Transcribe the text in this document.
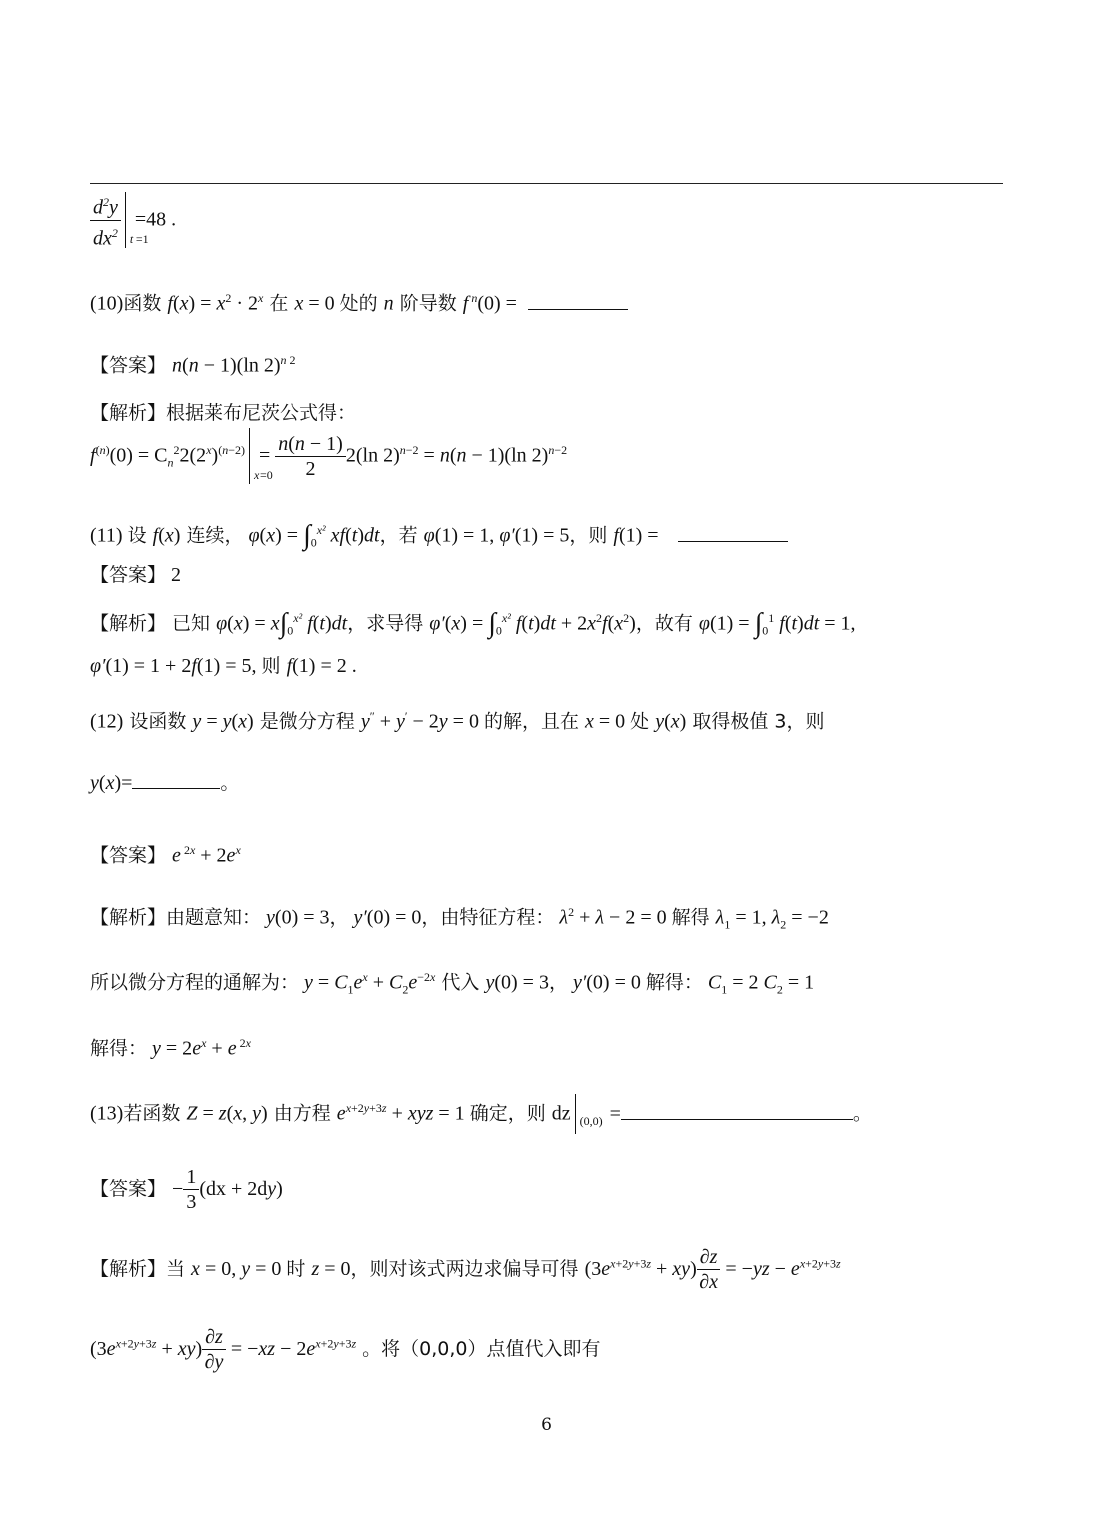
$\frac{d^2y}{dx^2}$ t =1
=48 .
(10)函数 $f(x) = x^2 \cdot 2^x$ 在 x = 0 处的 n 阶导数 f $^n$(0) =
【答案】 n(n − 1)(ln 2)$^n$ $^2$
【解析】根据莱布尼茨公式得：
$f^{(n)}(0) = C_n^22(2^x)^{(n-2)}$
x =0
= $\frac{n(n - 1)}{2} 2(\ln$ 2)$^{n-2}$ = n(n − 1)(ln 2)$^{n-2}$
(11) 设 f(x) 连续， $\varphi(x) = \int_0^{x^2}$ xf(t)dt，若 φ(1) = 1, φ′(1) = 5，则 f(1) =
【答案】 2
【解析】 已知 $\varphi(x) = x\int_0^{x^2}$ f(t)dt，求导得 $\varphi'(x) = \int_0^{x^2}$ $f(t)dt + 2x^2f(x^2)$，故有 $\varphi(1) = \int_0^1$ f(t)dt = 1,
φ′(1) = 1 + 2f(1) = 5, 则 f(1) = 2 .
(12) 设函数 y = y(x) 是微分方程 y″ + y′ − 2y = 0 的解，且在 x = 0 处 y(x) 取得极值 3，则
y(x)=	。
【答案】 e $^{2x} + 2e^x$
【解析】由题意知： y(0) = 3， y′(0) = 0，由特征方程： $\lambda^2 + \lambda - 2 = 0$ 解得 $\lambda_1 = 1$, $\lambda_2 = -2$
所以微分方程的通解为： $y = C_1e^x + C_2e^{-2x}$ 代入 y(0) = 3， y′(0) = 0 解得： $C_1 = 2$ $C_2 = 1$
解得： $y = 2e^x + e$ $^{2x}$
(13)若函数 Z = z(x, y) 由方程 $e^{x+2y+3z}$ + xyz = 1 确定，则 dz (0,0) =	。
【答案】 − $\frac{1}{3} (dx + 2dy)$
【解析】当 x = 0, y = 0 时 z = 0，则对该式两边求偏导可得 $(3e^{x+2y+3z} + xy) \frac{\partial z}{\partial x} = -yz - e^{x+2y+3z}$
$(3e^{x+2y+3z} + xy) \frac{\partial z}{\partial y} = -xz - 2e^{x+2y+3z}$ 。将（0,0,0）点值代入即有
6
